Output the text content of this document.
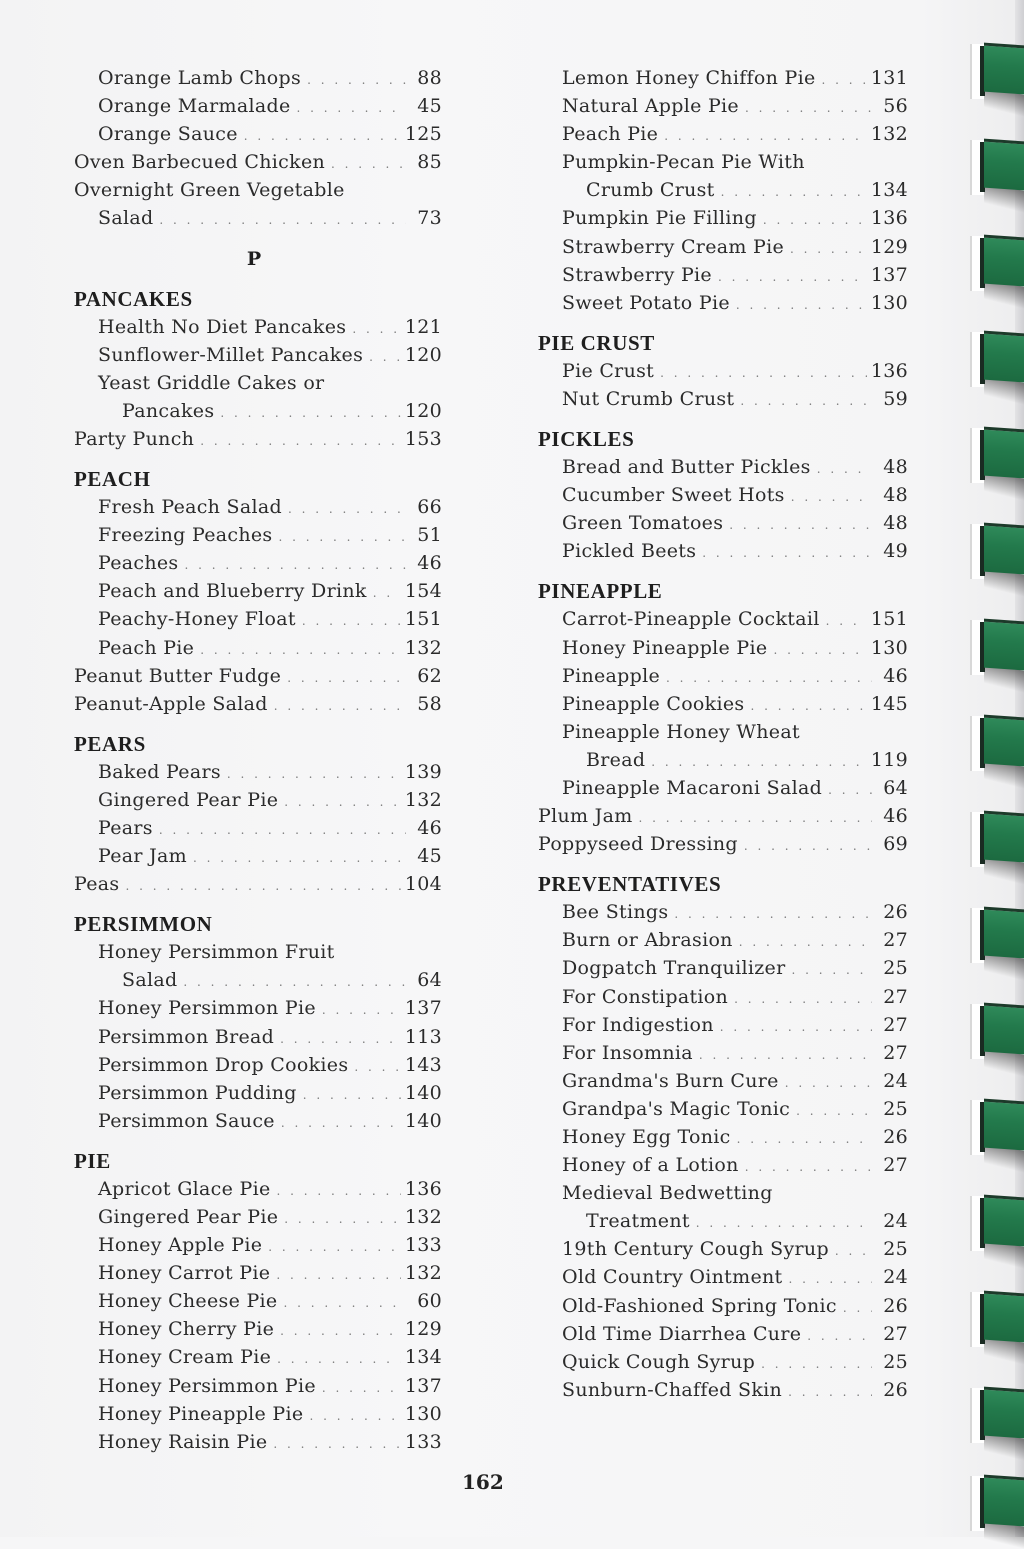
Orange Lamb Chops . . .	88
Orange Marmalade . . .	45
Orange Sauce . . .	125
Oven Barbecued Chicken . . .	85
Overnight Green Vegetable
Salad . . .	73
P
PANCAKES
Health No Diet Pancakes . . .	121
Sunflower-Millet Pancakes . . . 120
Yeast Griddle Cakes or
Pancakes . . .	120
Party Punch . . .	153
PEACH
Fresh Peach Salad . . .	66
Freezing Peaches . . .	51
Peaches . . .	46
Peach and Blueberry Drink . . . 154
Peachy-Honey Float . . .	151
Peach Pie . . .	132
Peanut Butter Fudge . . .	62
Peanut-Apple Salad . . .	58
PEARS
Baked Pears . . .	139
Gingered Pear Pie . . .	132
Pears . . .	46
Pear Jam . . .	45
Peas . . .	104
PERSIMMON
Honey Persimmon Fruit
Salad . . .	64
Honey Persimmon Pie . . .	137
Persimmon Bread . . .	113
Persimmon Drop Cookies . . .	143
Persimmon Pudding . . .	140
Persimmon Sauce . . .	140
PIE
Apricot Glace Pie . . .	136
Gingered Pear Pie . . .	132
Honey Apple Pie . . .	133
Honey Carrot Pie . . .	132
Honey Cheese Pie . . .	60
Honey Cherry Pie . . .	129
Honey Cream Pie . . .	134
Honey Persimmon Pie . . .	137
Honey Pineapple Pie . . .	130
Honey Raisin Pie . . .	133
Lemon Honey Chiffon Pie . . .	131
Natural Apple Pie . . .	56
Peach Pie . . .	132
Pumpkin-Pecan Pie With
Crumb Crust . . .	134
Pumpkin Pie Filling . . .	136
Strawberry Cream Pie . . .	129
Strawberry Pie . . .	137
Sweet Potato Pie . . .	130
PIE CRUST
Pie Crust . . .	136
Nut Crumb Crust . . .	59
PICKLES
Bread and Butter Pickles . . .	48
Cucumber Sweet Hots . . .	48
Green Tomatoes . . .	48
Pickled Beets . . .	49
PINEAPPLE
Carrot-Pineapple Cocktail . . .	151
Honey Pineapple Pie . . .	130
Pineapple . . .	46
Pineapple Cookies . . .	145
Pineapple Honey Wheat
Bread . . .	119
Pineapple Macaroni Salad . . .	64
Plum Jam . . .	46
Poppyseed Dressing . . .	69
PREVENTATIVES
Bee Stings . . .	26
Burn or Abrasion . . .	27
Dogpatch Tranquilizer . . .	25
For Constipation . . .	27
For Indigestion . . .	27
For Insomnia . . .	27
Grandma's Burn Cure . . .	24
Grandpa's Magic Tonic . . .	25
Honey Egg Tonic . . .	26
Honey of a Lotion . . .	27
Medieval Bedwetting
Treatment . . .	24
19th Century Cough Syrup . . .	25
Old Country Ointment . . .	24
Old-Fashioned Spring Tonic . . .	26
Old Time Diarrhea Cure . . .	27
Quick Cough Syrup . . .	25
Sunburn-Chaffed Skin . . .	26
162
